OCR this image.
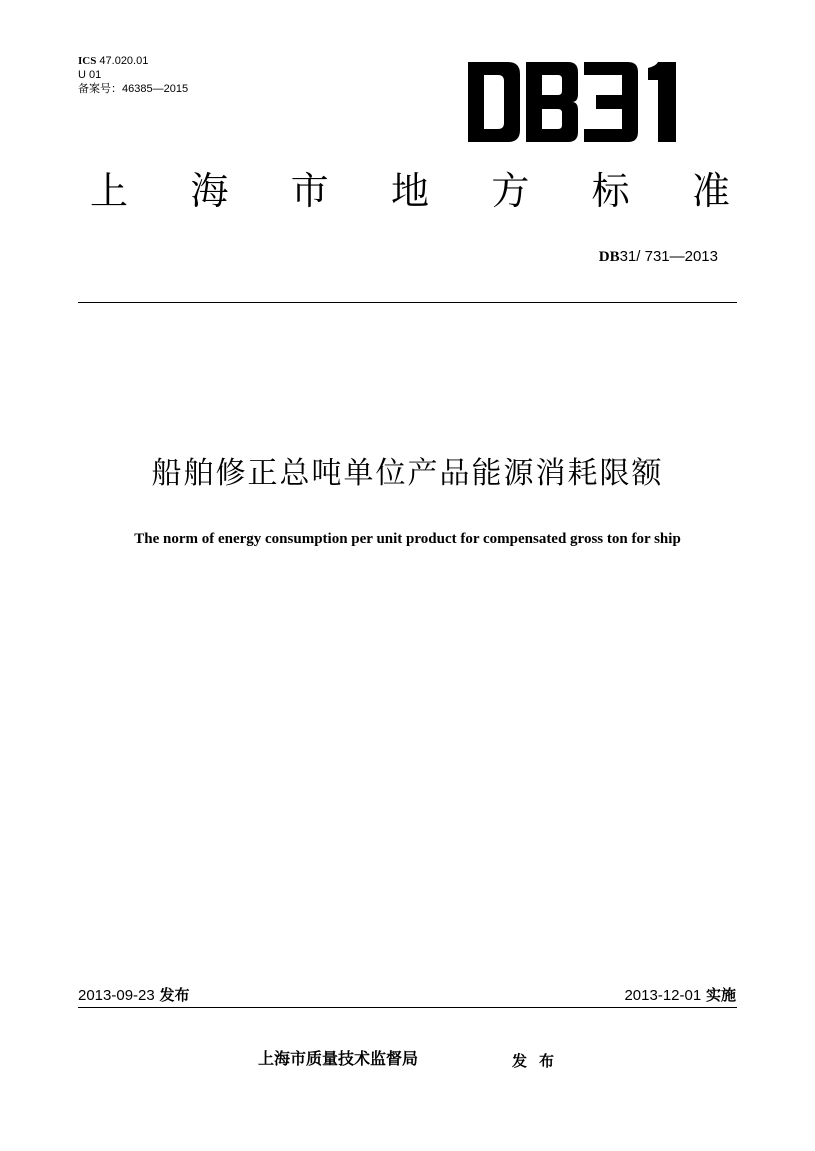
ICS 47.020.01
U 01
备案号：46385—2015
上 海 市 地 方 标 准
DB31/ 731—2013
船舶修正总吨单位产品能源消耗限额
The norm of energy consumption per unit product for compensated gross ton for ship
2013-09-23 发布	2013-12-01 实施
上海市质量技术监督局	发布
